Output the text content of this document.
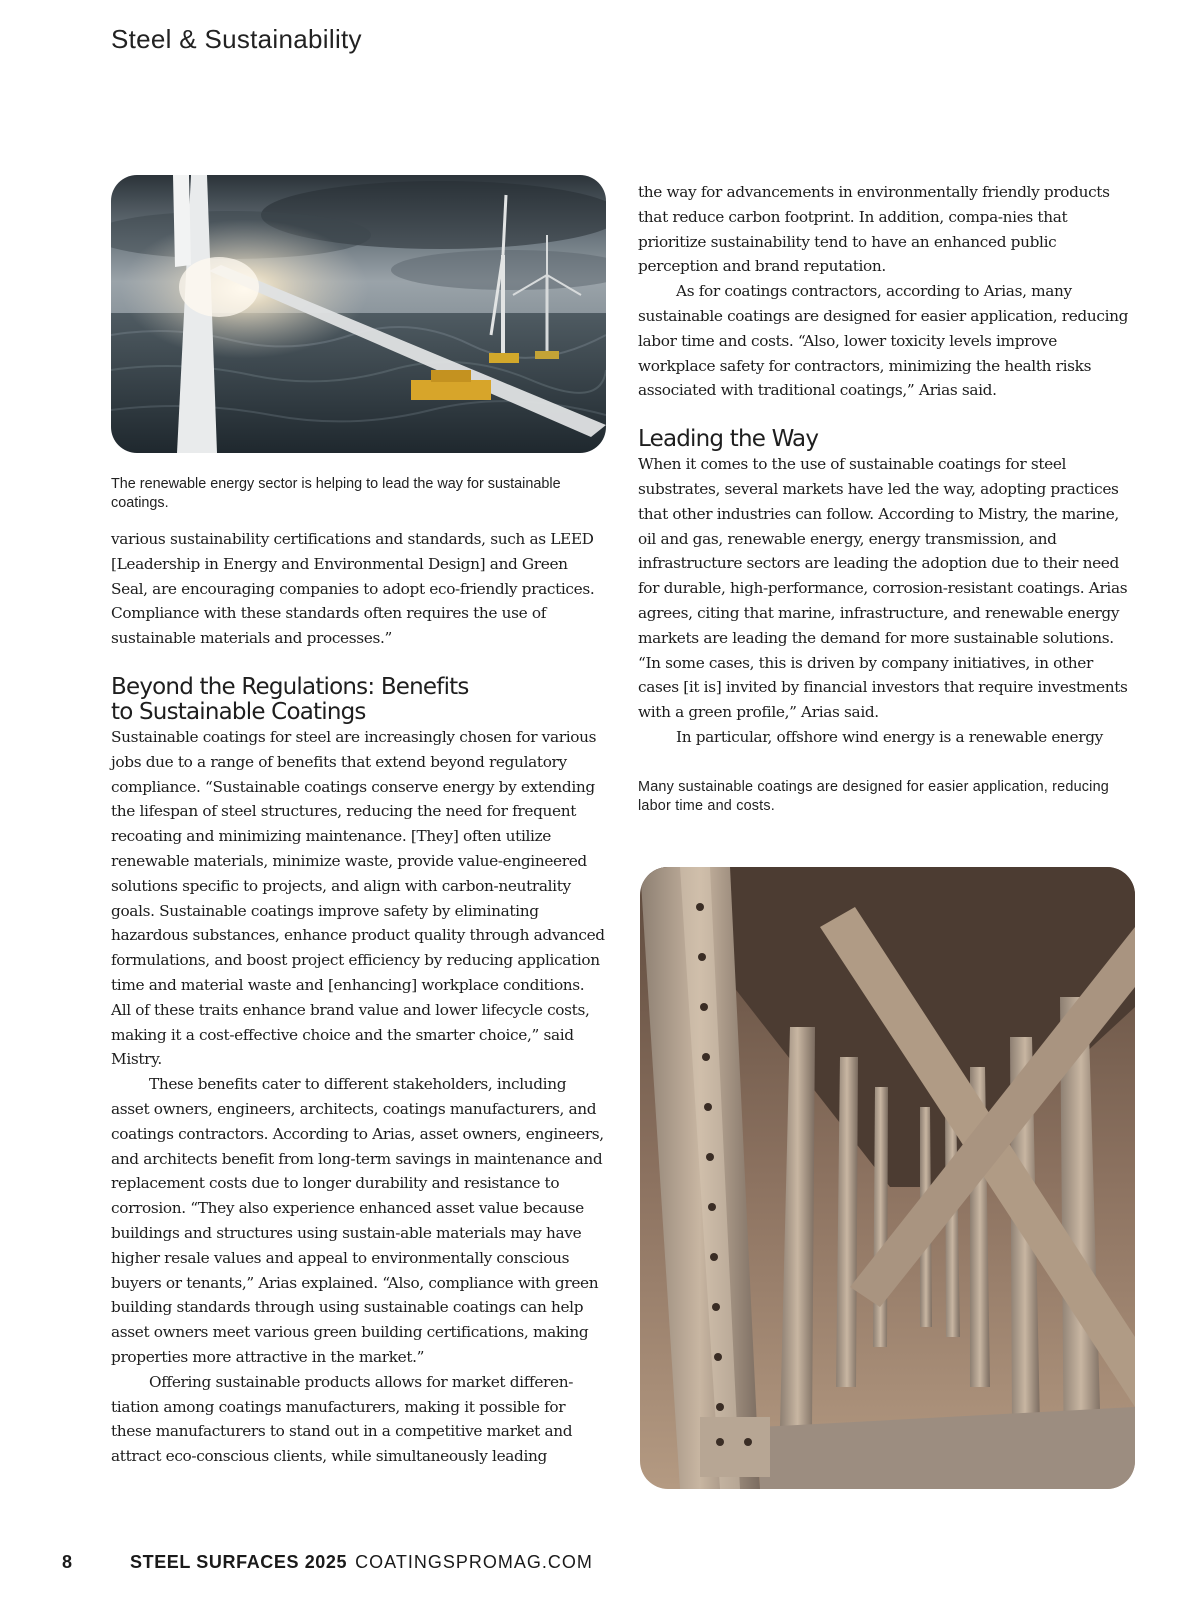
Steel & Sustainability
The renewable energy sector is helping to lead the way for sustainable coatings.

various sustainability certifications and standards, such as LEED [Leadership in Energy and Environmental Design] and Green Seal, are encouraging companies to adopt eco-friendly practices. Compliance with these standards often requires the use of sustainable materials and processes.”

Beyond the Regulations: Benefits
to Sustainable Coatings

Sustainable coatings for steel are increasingly chosen for various jobs due to a range of benefits that extend beyond regulatory compliance. “Sustainable coatings conserve energy by extending the lifespan of steel structures, reducing the need for frequent recoating and minimizing maintenance. [They] often utilize renewable materials, minimize waste, provide value-engineered solutions specific to projects, and align with carbon-neutrality goals. Sustainable coatings improve safety by eliminating hazardous substances, enhance product quality through advanced formulations, and boost project efficiency by reducing application time and material waste and [enhancing] workplace conditions. All of these traits enhance brand value and lower lifecycle costs, making it a cost-effective choice and the smarter choice,” said Mistry.

These benefits cater to different stakeholders, including asset owners, engineers, architects, coatings manufacturers, and coatings contractors. According to Arias, asset owners, engineers, and architects benefit from long-term savings in maintenance and replacement costs due to longer durability and resistance to corrosion. “They also experience enhanced asset value because buildings and structures using sustain-able materials may have higher resale values and appeal to environmentally conscious buyers or tenants,” Arias explained. “Also, compliance with green building standards through using sustainable coatings can help asset owners meet various green building certifications, making properties more attractive in the market.”

Offering sustainable products allows for market differen-tiation among coatings manufacturers, making it possible for these manufacturers to stand out in a competitive market and attract eco-conscious clients, while simultaneously leading

the way for advancements in environmentally friendly products that reduce carbon footprint. In addition, compa-nies that prioritize sustainability tend to have an enhanced public perception and brand reputation.

As for coatings contractors, according to Arias, many sustainable coatings are designed for easier application, reducing labor time and costs. “Also, lower toxicity levels improve workplace safety for contractors, minimizing the health risks associated with traditional coatings,” Arias said.

Leading the Way

When it comes to the use of sustainable coatings for steel substrates, several markets have led the way, adopting practices that other industries can follow. According to Mistry, the marine, oil and gas, renewable energy, energy transmission, and infrastructure sectors are leading the adoption due to their need for durable, high-performance, corrosion-resistant coatings. Arias agrees, citing that marine, infrastructure, and renewable energy markets are leading the demand for more sustainable solutions. “In some cases, this is driven by company initiatives, in other cases [it is] invited by financial investors that require investments with a green profile,” Arias said.

In particular, offshore wind energy is a renewable energy

Many sustainable coatings are designed for easier application, reducing labor time and costs.
8	STEEL SURFACES 2025 COATINGSPROMAG.COM
